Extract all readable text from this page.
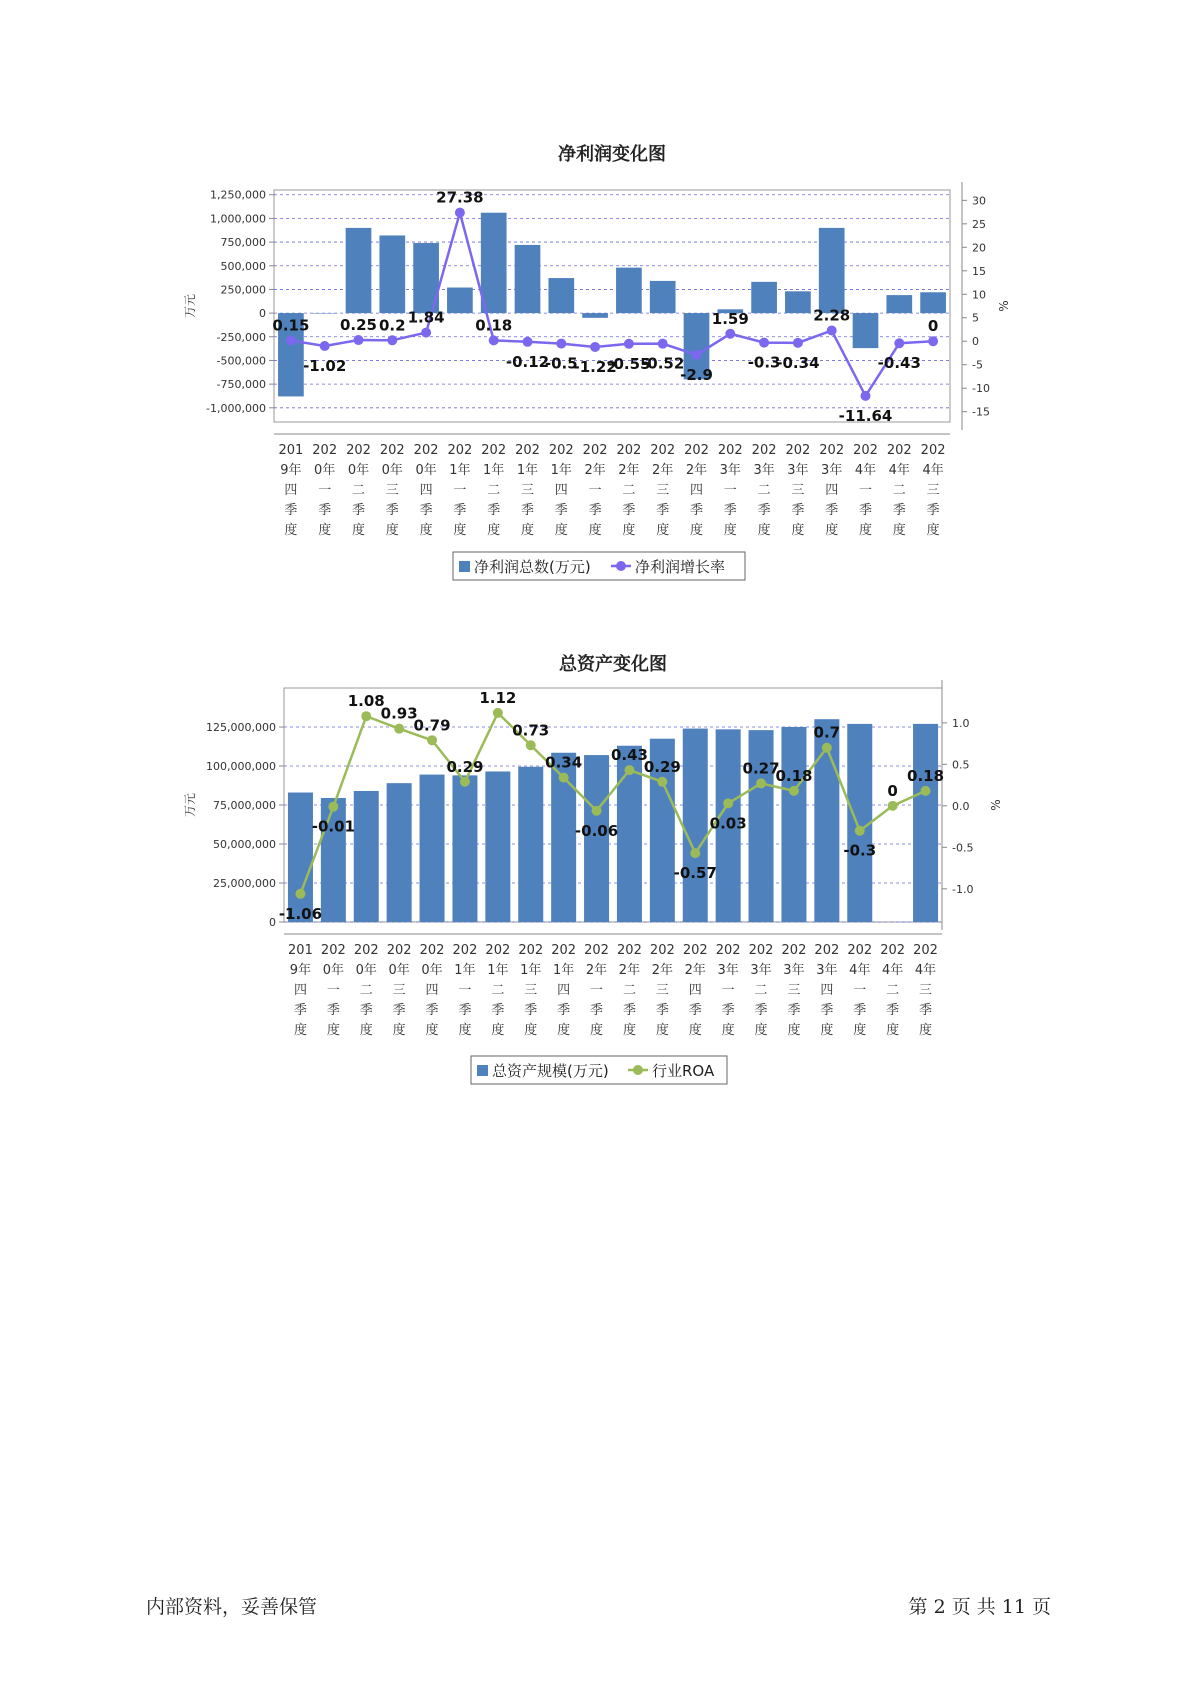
净利润变化图
1,250,000
1,000,000
750,000
500,000
250,000
0
-250,000
-500,000
-750,000
-1,000,000
30
25
20
15
10
5
0
-5
-10
-15
万元	%
0.15
-1.02
0.25 0.2 1.84
27.38
0.18
-0.12
-0.5
-1.22
-0.55
-0.52
-2.9
1.59
-0.3
-0.34
2.28
-11.64
-0.43
0
201 9年四季度
202 0年一季度
202 0年二季度
202 0年三季度
202 0年四季度
202 1年一季度
202 1年二季度
202 1年三季度
202 1年四季度
202 2年一季度
202 2年二季度
202 2年三季度
202 2年四季度
202 3年一季度
202 3年二季度
202 3年三季度
202 3年四季度
202 4年一季度
202 4年二季度
202 4年三季度
净利润总数(万元)	净利润增长率
总资产变化图
125,000,000
100,000,000
75,000,000
50,000,000
25,000,000
0
1.0
0.5
0.0
-0.5
-1.0
万元	%
-1.06
-0.01
1.08
0.93
0.79
0.29
1.12
0.73
0.34
-0.06
0.43
0.29
-0.57
0.03
0.27
0.18
0.7
-0.3
0
0.18
201 9年四季度
202 0年一季度
202 0年二季度
202 0年三季度
202 0年四季度
202 1年一季度
202 1年二季度
202 1年三季度
202 1年四季度
202 2年一季度
202 2年二季度
202 2年三季度
202 2年四季度
202 3年一季度
202 3年二季度
202 3年三季度
202 3年四季度
202 4年一季度
202 4年二季度
202 4年三季度
总资产规模(万元)	行业ROA
内部资料，妥善保管	第 2 页 共 11 页
